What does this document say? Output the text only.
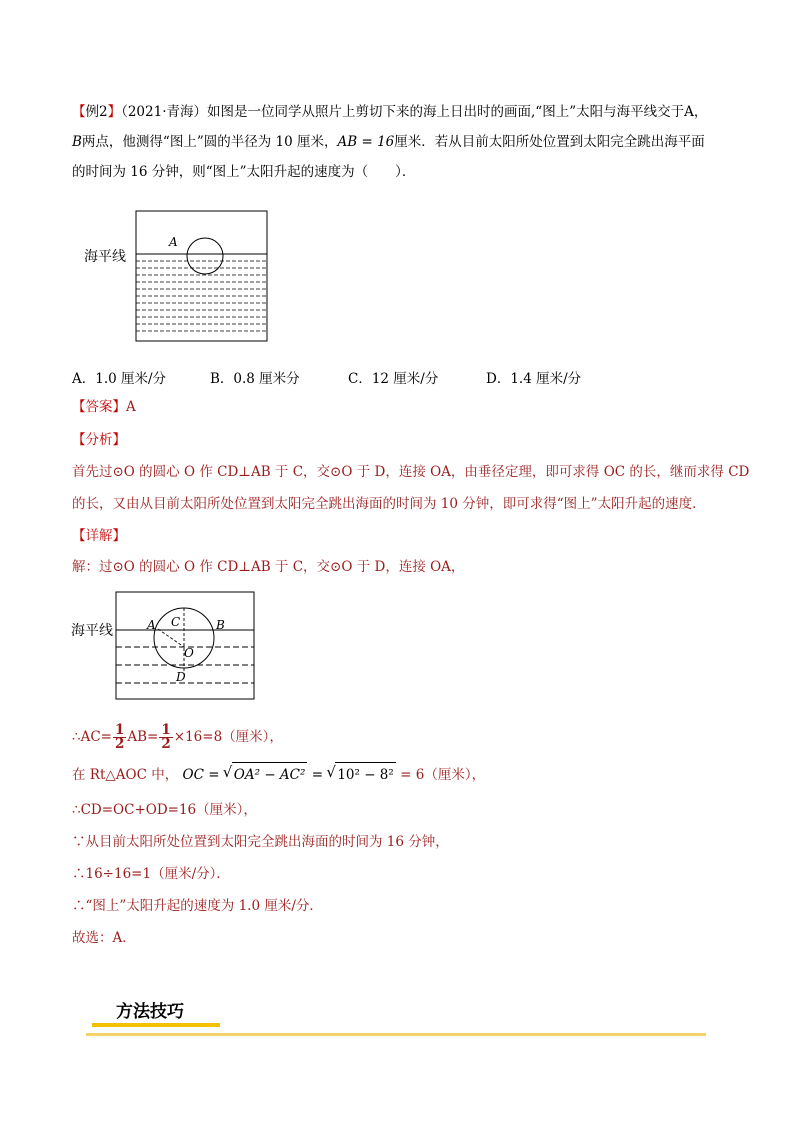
【例2】（2021·青海）如图是一位同学从照片上剪切下来的海上日出时的画面,“图上”太阳与海平线交于A，
B两点，他测得“图上”圆的半径为 10 厘米，AB = 16厘米．若从目前太阳所处位置到太阳完全跳出海平面
的时间为 16 分钟，则“图上”太阳升起的速度为（　　）．
A
海平线
A．1.0 厘米/分	B．0.8 厘米分	C．12 厘米/分	D．1.4 厘米/分
【答案】A
【分析】
首先过⊙O 的圆心 O 作 CD⊥AB 于 C，交⊙O 于 D，连接 OA，由垂径定理，即可求得 OC 的长，继而求得 CD
的长，又由从目前太阳所处位置到太阳完全跳出海面的时间为 10 分钟，即可求得“图上”太阳升起的速度．
【详解】
解：过⊙O 的圆心 O 作 CD⊥AB 于 C，交⊙O 于 D，连接 OA，
A	B
C
O
D
海平线
∴AC= $\frac{1}{2} AB= \frac{1}{2} \times 16=8$（厘米），
在 Rt△AOC 中， OC = √ OA² − AC² = √ 10² − 8² = 6（厘米），
∴CD=OC+OD=16（厘米），
∵从目前太阳所处位置到太阳完全跳出海面的时间为 16 分钟，
∴16÷16=1（厘米/分）．
∴“图上”太阳升起的速度为 1.0 厘米/分．
故选：A．
方法技巧
